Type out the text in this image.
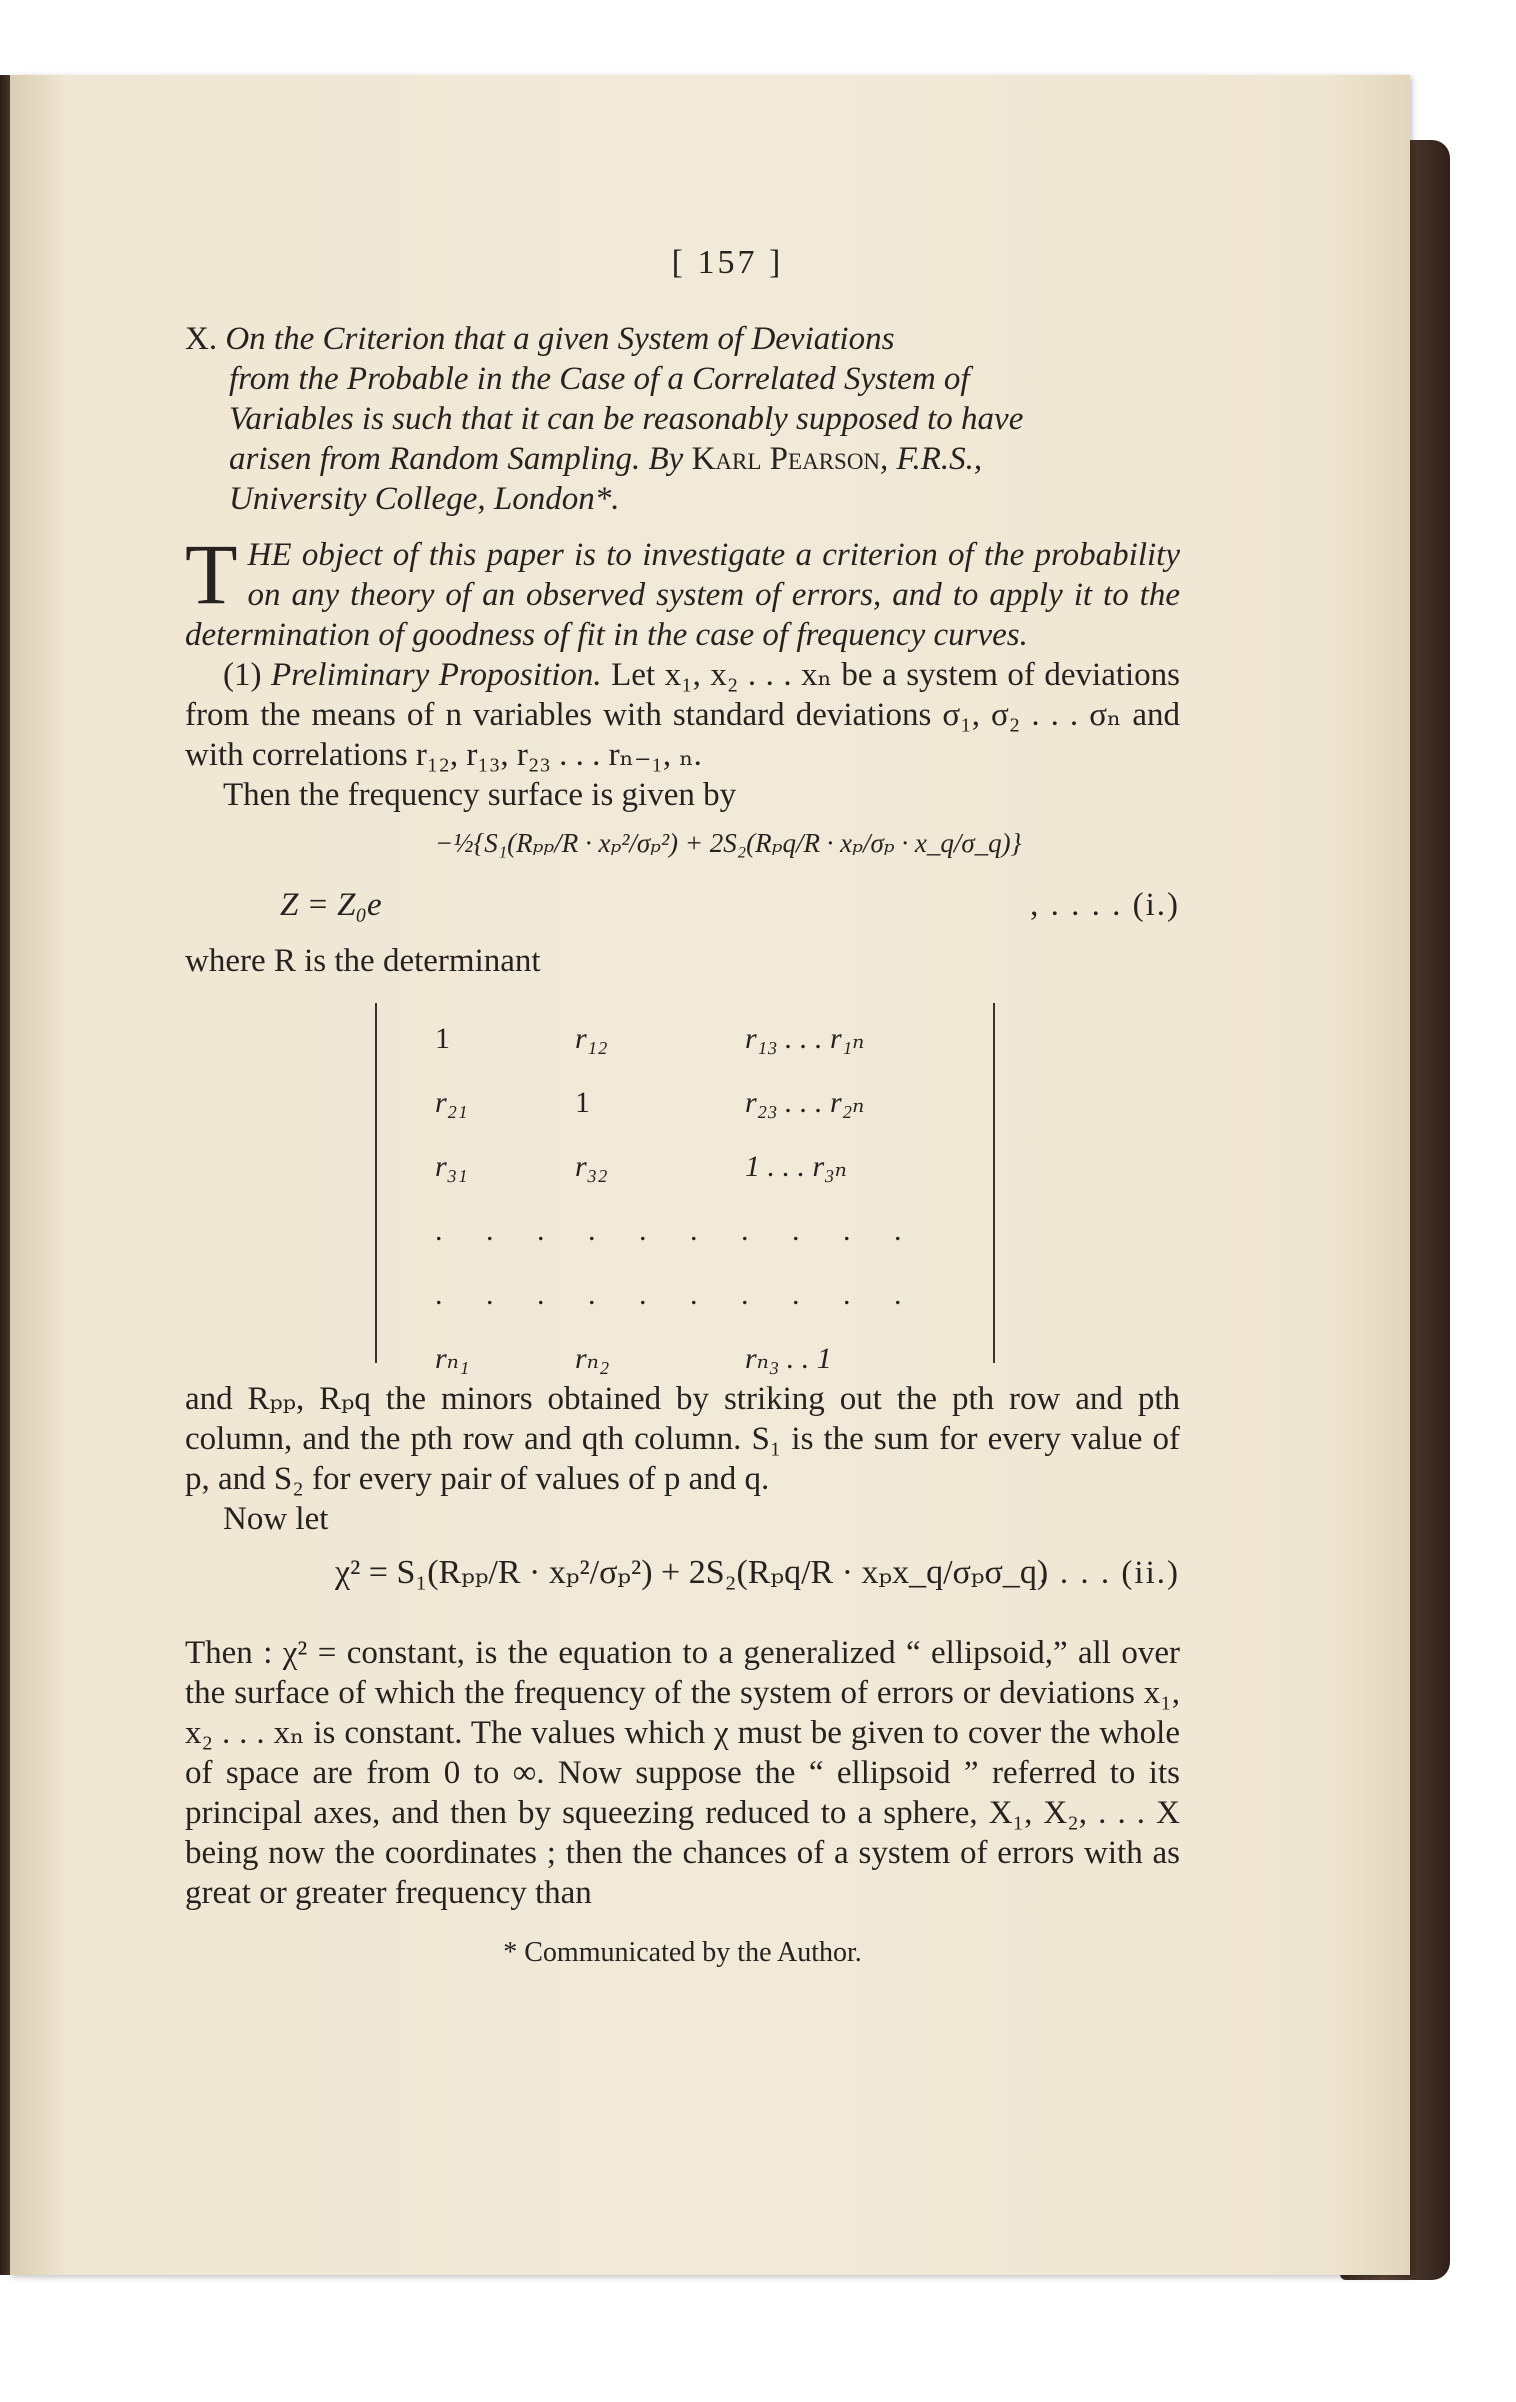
[ 157 ]
X. On the Criterion that a given System of Deviations
from the Probable in the Case of a Correlated System of
Variables is such that it can be reasonably supposed to have
arisen from Random Sampling. By Karl Pearson, F.R.S.,
University College, London*.
THE object of this paper is to investigate a criterion of the probability on any theory of an observed system of errors, and to apply it to the determination of goodness of fit in the case of frequency curves.
(1) Preliminary Proposition. Let x₁, x₂ . . . xₙ be a system of deviations from the means of n variables with standard deviations σ₁, σ₂ . . . σₙ and with correlations r₁₂, r₁₃, r₂₃ . . . rₙ₋₁, ₙ.
Then the frequency surface is given by
−½{S₁(Rₚₚ/R · xₚ²/σₚ²) + 2S₂(Rₚq/R · xₚ/σₚ · x_q/σ_q)}
Z = Z₀e	, . . . . (i.)
where R is the determinant
1	r₁₂	r₁₃ . . . r₁ₙ
r₂₁	1	r₂₃ . . . r₂ₙ
r₃₁	r₃₂	1 . . . r₃ₙ
. . . . . . . . . .		
. . . . . . . . . .		
rₙ₁	rₙ₂	rₙ₃ . . 1
and Rₚₚ, Rₚq the minors obtained by striking out the pth row and pth column, and the pth row and qth column. S₁ is the sum for every value of p, and S₂ for every pair of values of p and q.
Now let
χ² = S₁(Rₚₚ/R · xₚ²/σₚ²) + 2S₂(Rₚq/R · xₚx_q/σₚσ_q)
. . . . (ii.)
Then : χ² = constant, is the equation to a generalized “ ellipsoid,” all over the surface of which the frequency of the system of errors or deviations x₁, x₂ . . . xₙ is constant. The values which χ must be given to cover the whole of space are from 0 to ∞. Now suppose the “ ellipsoid ” referred to its principal axes, and then by squeezing reduced to a sphere, X₁, X₂, . . . X being now the coordinates ; then the chances of a system of errors with as great or greater frequency than
* Communicated by the Author.
